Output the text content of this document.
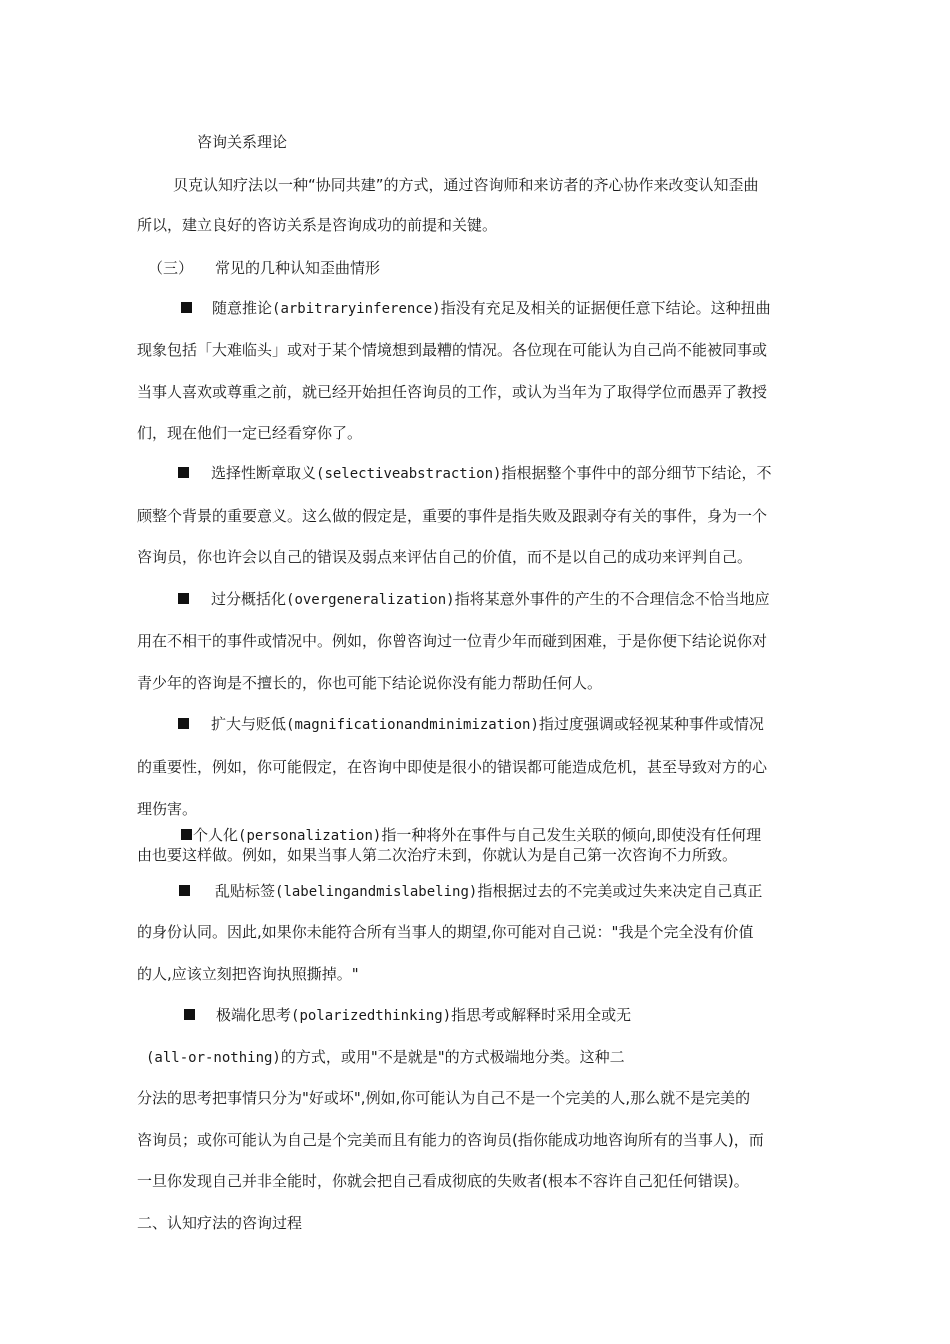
咨询关系理论
贝克认知疗法以一种“协同共建”的方式，通过咨询师和来访者的齐心协作来改变认知歪曲
所以，建立良好的咨访关系是咨询成功的前提和关键。
（三） 常见的几种认知歪曲情形
随意推论(arbitraryinference)指没有充足及相关的证据便任意下结论。这种扭曲
现象包括「大难临头」或对于某个情境想到最糟的情况。各位现在可能认为自己尚不能被同事或
当事人喜欢或尊重之前，就已经开始担任咨询员的工作，或认为当年为了取得学位而愚弄了教授
们，现在他们一定已经看穿你了。
选择性断章取义(selectiveabstraction)指根据整个事件中的部分细节下结论，不
顾整个背景的重要意义。这么做的假定是，重要的事件是指失败及跟剥夺有关的事件，身为一个
咨询员，你也许会以自己的错误及弱点来评估自己的价值，而不是以自己的成功来评判自己。
过分概括化(overgeneralization)指将某意外事件的产生的不合理信念不恰当地应
用在不相干的事件或情况中。例如，你曾咨询过一位青少年而碰到困难，于是你便下结论说你对
青少年的咨询是不擅长的，你也可能下结论说你没有能力帮助任何人。
扩大与贬低(magnificationandminimization)指过度强调或轻视某种事件或情况
的重要性，例如，你可能假定，在咨询中即使是很小的错误都可能造成危机，甚至导致对方的心
理伤害。
个人化(personalization)指一种将外在事件与自己发生关联的倾向,即使没有任何理
由也要这样做。例如，如果当事人第二次治疗未到，你就认为是自己第一次咨询不力所致。
乱贴标签(labelingandmislabeling)指根据过去的不完美或过失来决定自己真正
的身份认同。因此,如果你未能符合所有当事人的期望,你可能对自己说："我是个完全没有价值
的人,应该立刻把咨询执照撕掉。"
极端化思考(polarizedthinking)指思考或解释时采用全或无
(all-or-nothing)的方式，或用"不是就是"的方式极端地分类。这种二
分法的思考把事情只分为"好或坏",例如,你可能认为自己不是一个完美的人,那么就不是完美的
咨询员；或你可能认为自己是个完美而且有能力的咨询员(指你能成功地咨询所有的当事人)，而
一旦你发现自己并非全能时，你就会把自己看成彻底的失败者(根本不容许自己犯任何错误)。
二、认知疗法的咨询过程
